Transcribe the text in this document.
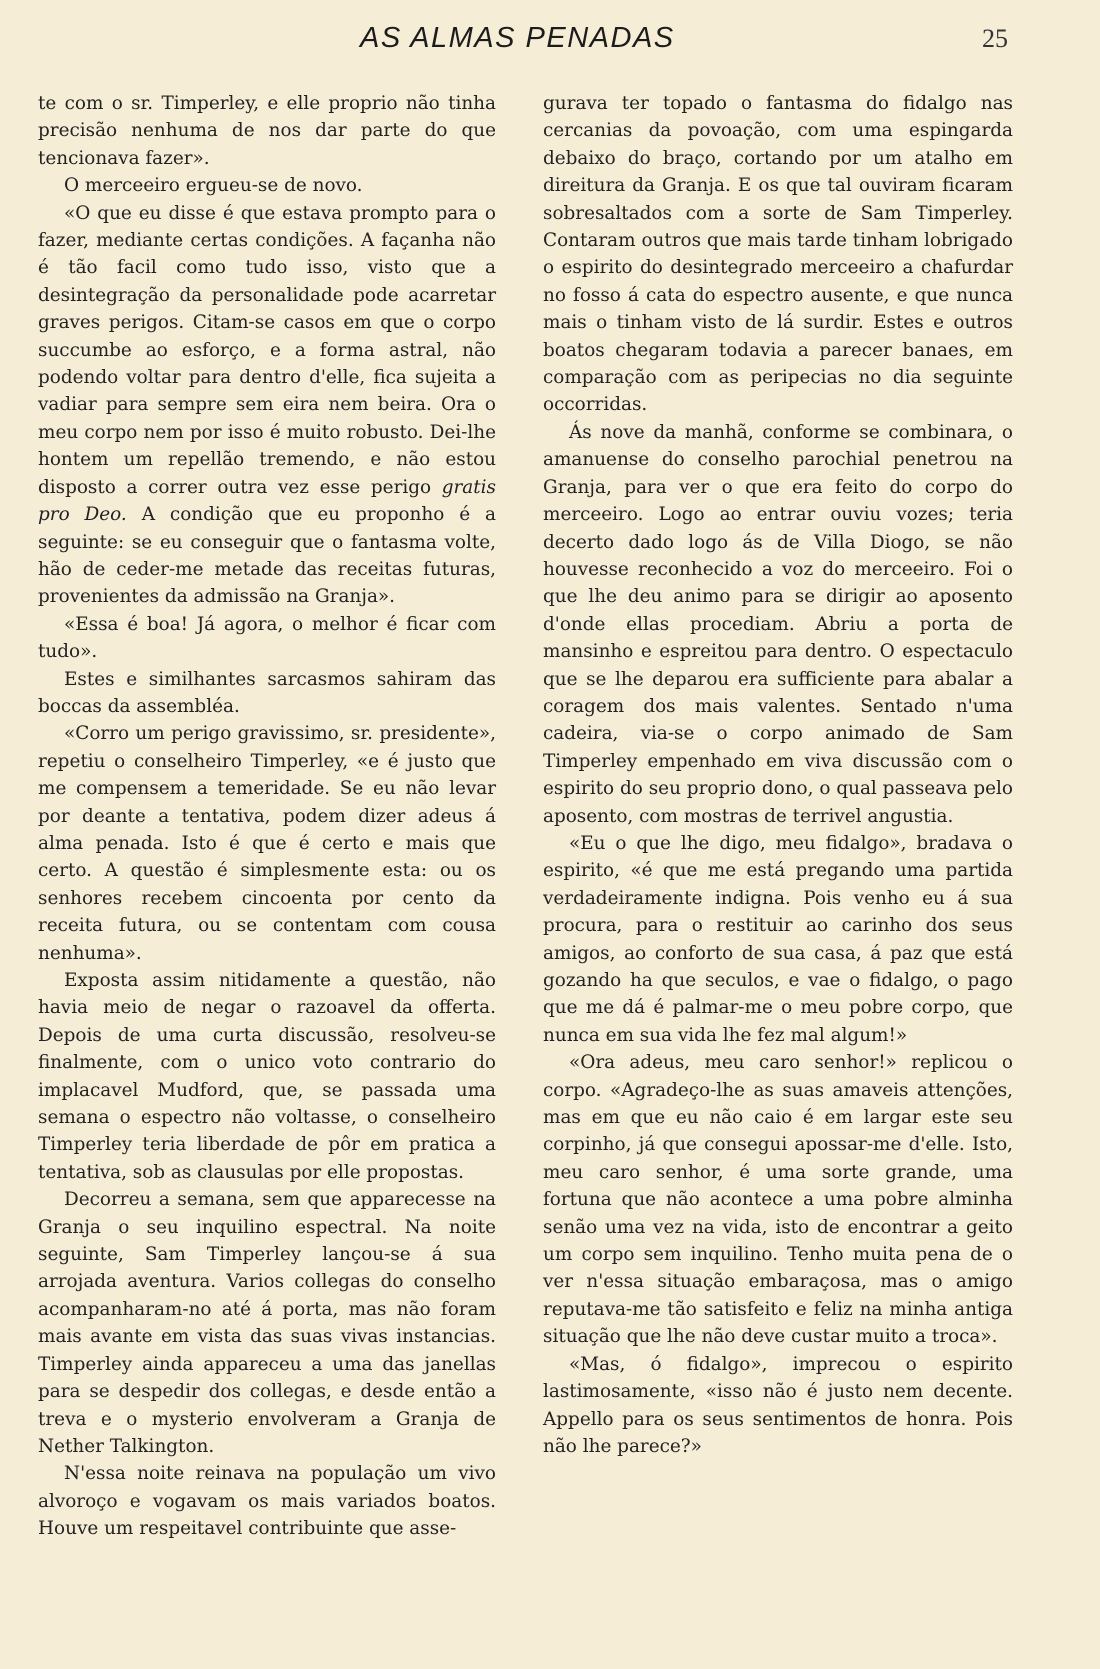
AS ALMAS PENADAS	25

te com o sr. Timperley, e elle proprio não tinha precisão nenhuma de nos dar parte do que tencionava fazer».

O merceeiro ergueu-se de novo.

«O que eu disse é que estava prompto para o fazer, mediante certas condições. A façanha não é tão facil como tudo isso, visto que a desintegração da personalidade pode acarretar graves perigos. Citam-se casos em que o corpo succumbe ao esforço, e a forma astral, não podendo voltar para dentro d'elle, fica sujeita a vadiar para sempre sem eira nem beira. Ora o meu corpo nem por isso é muito robusto. Dei-lhe hontem um repellão tremendo, e não estou disposto a correr outra vez esse perigo gratis pro Deo. A condição que eu proponho é a seguinte: se eu conseguir que o fantasma volte, hão de ceder-me metade das receitas futuras, provenientes da admissão na Granja».

«Essa é boa! Já agora, o melhor é ficar com tudo».

Estes e similhantes sarcasmos sahiram das boccas da assembléa.

«Corro um perigo gravissimo, sr. presidente», repetiu o conselheiro Timperley, «e é justo que me compensem a temeridade. Se eu não levar por deante a tentativa, podem dizer adeus á alma penada. Isto é que é certo e mais que certo. A questão é simplesmente esta: ou os senhores recebem cincoenta por cento da receita futura, ou se contentam com cousa nenhuma».

Exposta assim nitidamente a questão, não havia meio de negar o razoavel da offerta. Depois de uma curta discussão, resolveu-se finalmente, com o unico voto contrario do implacavel Mudford, que, se passada uma semana o espectro não voltasse, o conselheiro Timperley teria liberdade de pôr em pratica a tentativa, sob as clausulas por elle propostas.

Decorreu a semana, sem que apparecesse na Granja o seu inquilino espectral. Na noite seguinte, Sam Timperley lançou-se á sua arrojada aventura. Varios collegas do conselho acompanharam-no até á porta, mas não foram mais avante em vista das suas vivas instancias. Timperley ainda appareceu a uma das janellas para se despedir dos collegas, e desde então a treva e o mysterio envolveram a Granja de Nether Talkington.

N'essa noite reinava na população um vivo alvoroço e vogavam os mais variados boatos. Houve um respeitavel contribuinte que asse-

gurava ter topado o fantasma do fidalgo nas cercanias da povoação, com uma espingarda debaixo do braço, cortando por um atalho em direitura da Granja. E os que tal ouviram ficaram sobresaltados com a sorte de Sam Timperley. Contaram outros que mais tarde tinham lobrigado o espirito do desintegrado merceeiro a chafurdar no fosso á cata do espectro ausente, e que nunca mais o tinham visto de lá surdir. Estes e outros boatos chegaram todavia a parecer banaes, em comparação com as peripecias no dia seguinte occorridas.

Ás nove da manhã, conforme se combinara, o amanuense do conselho parochial penetrou na Granja, para ver o que era feito do corpo do merceeiro. Logo ao entrar ouviu vozes; teria decerto dado logo ás de Villa Diogo, se não houvesse reconhecido a voz do merceeiro. Foi o que lhe deu animo para se dirigir ao aposento d'onde ellas procediam. Abriu a porta de mansinho e espreitou para dentro. O espectaculo que se lhe deparou era sufficiente para abalar a coragem dos mais valentes. Sentado n'uma cadeira, via-se o corpo animado de Sam Timperley empenhado em viva discussão com o espirito do seu proprio dono, o qual passeava pelo aposento, com mostras de terrivel angustia.

«Eu o que lhe digo, meu fidalgo», bradava o espirito, «é que me está pregando uma partida verdadeiramente indigna. Pois venho eu á sua procura, para o restituir ao carinho dos seus amigos, ao conforto de sua casa, á paz que está gozando ha que seculos, e vae o fidalgo, o pago que me dá é palmar-me o meu pobre corpo, que nunca em sua vida lhe fez mal algum!»

«Ora adeus, meu caro senhor!» replicou o corpo. «Agradeço-lhe as suas amaveis attenções, mas em que eu não caio é em largar este seu corpinho, já que consegui apossar-me d'elle. Isto, meu caro senhor, é uma sorte grande, uma fortuna que não acontece a uma pobre alminha senão uma vez na vida, isto de encontrar a geito um corpo sem inquilino. Tenho muita pena de o ver n'essa situação embaraçosa, mas o amigo reputava-me tão satisfeito e feliz na minha antiga situação que lhe não deve custar muito a troca».

«Mas, ó fidalgo», imprecou o espirito lastimosamente, «isso não é justo nem decente. Appello para os seus sentimentos de honra. Pois não lhe parece?»
